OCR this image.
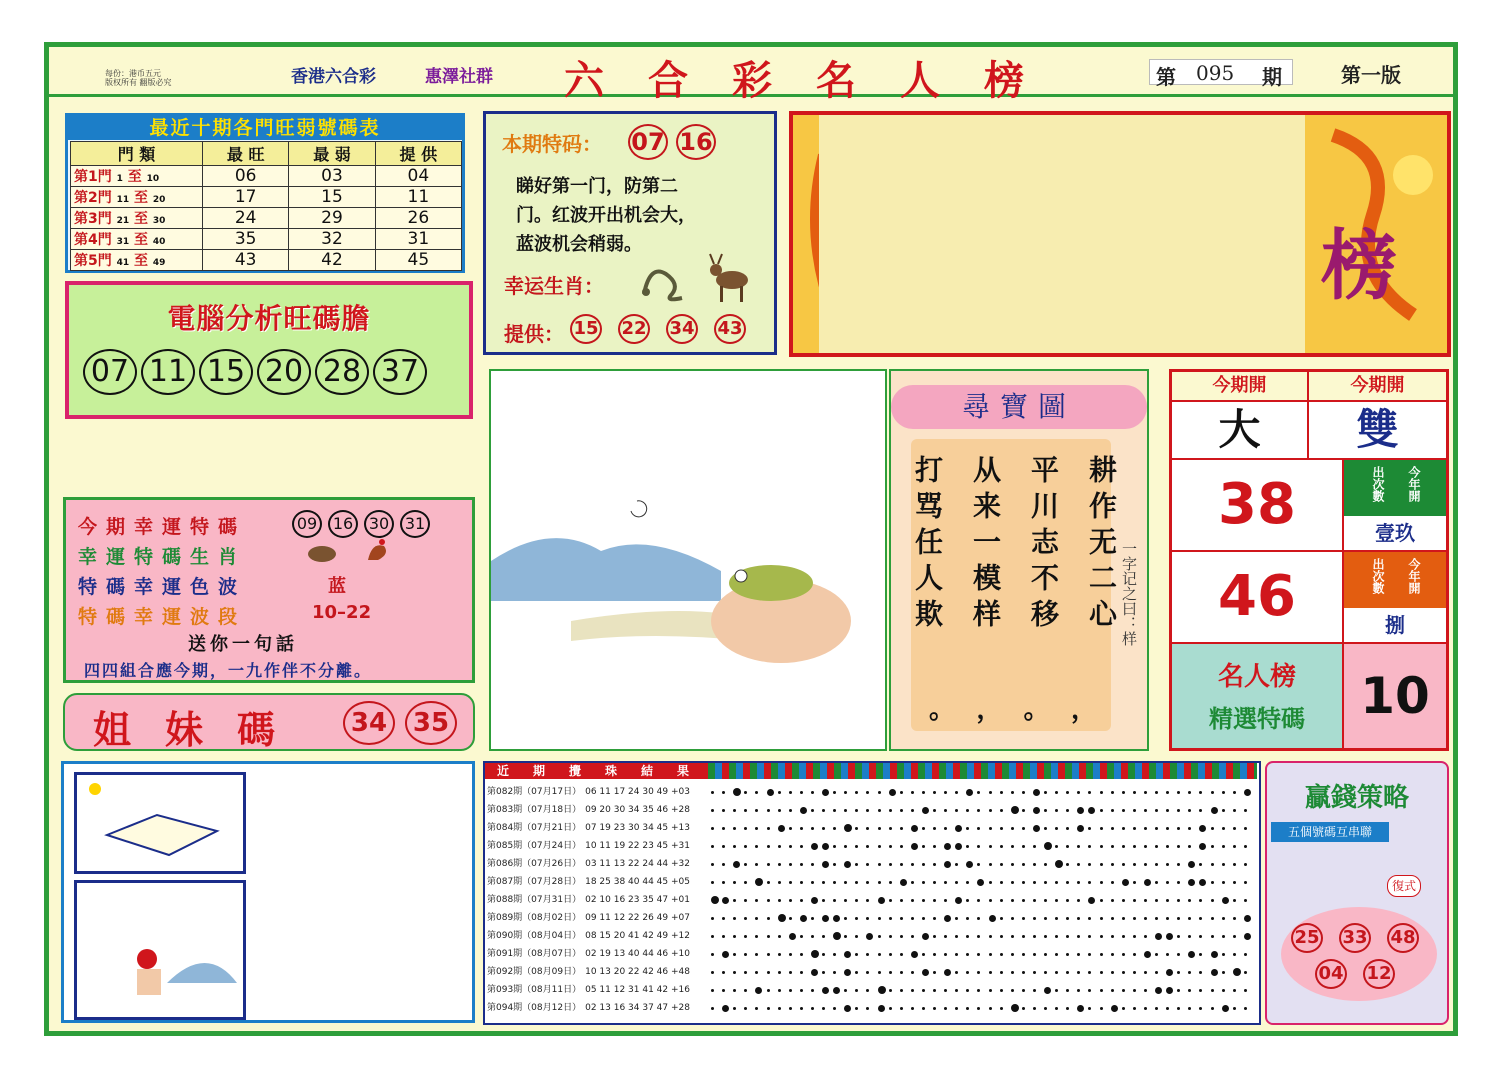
每份：港币五元
版权所有 翻版必究	香港六合彩	惠澤社群 六合彩名人榜	第 095 期	第一版
最近十期各門旺弱號碼表
門 類	最 旺	最 弱	提 供
第1門 1 至 10	06	03	04
第2門 11 至 20	17	15	11
第3門 21 至 30	24	29	26
第4門 31 至 40	35	32	31
第5門 41 至 49	43	42	45
電腦分析旺碼膽
07 11 15 20 28 37
本期特码： 07 16
睇好第一门，防第二
门。红波开出机会大，
蓝波机会稍弱。
幸运生肖：
提供： 15 22 34 43
榜
今期幸運特碼	09 16 30 31
幸運特碼生肖
特碼幸運色波	蓝
特碼幸運波段	10–22
送你一句話
四四組合應今期，一九作伴不分離。
姐妹碼	34 35
尋寶圖
耕作无二心
平川志不移
从来一模样
打骂任人欺
，
。
，
。
一字记之曰：样
今期開	今期開
大	雙
38	出次數 今年開
壹玖
46	出次數 今年開
捌
名人榜
精選特碼	10
近 期 攪 珠 結 果
第082期（07月17日） 06 11 17 24 30 49 +03
第083期（07月18日） 09 20 30 34 35 46 +28
第084期（07月21日） 07 19 23 30 34 45 +13
第085期（07月24日） 10 11 19 22 23 45 +31
第086期（07月26日） 03 11 13 22 24 44 +32
第087期（07月28日） 18 25 38 40 44 45 +05
第088期（07月31日） 02 10 16 23 35 47 +01
第089期（08月02日） 09 11 12 22 26 49 +07
第090期（08月04日） 08 15 20 41 42 49 +12
第091期（08月07日） 02 19 13 40 44 46 +10
第092期（08月09日） 10 13 20 22 42 46 +48
第093期（08月11日） 05 11 12 31 41 42 +16
第094期（08月12日） 02 13 16 34 37 47 +28
贏錢策略
五個號碼互串聯
復式
25 33 48
04 12
